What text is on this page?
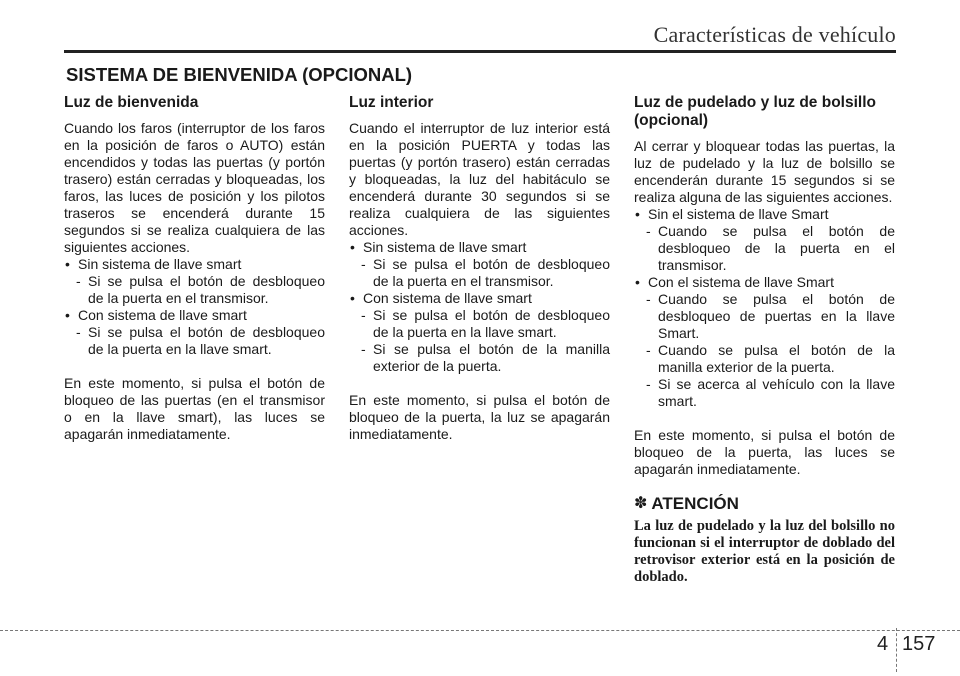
Características de vehículo
SISTEMA DE BIENVENIDA (OPCIONAL)
Luz de bienvenida

Cuando los faros (interruptor de los faros en la posición de faros o AUTO) están encendidos y todas las puertas (y portón trasero) están cerradas y bloqueadas, los faros, las luces de posición y los pilotos traseros se encenderá durante 15 segundos si se realiza cualquiera de las siguientes acciones.

• Sin sistema de llave smart

- Si se pulsa el botón de desbloqueo de la puerta en el transmisor.

• Con sistema de llave smart

- Si se pulsa el botón de desbloqueo de la puerta en la llave smart.

En este momento, si pulsa el botón de bloqueo de las puertas (en el transmisor o en la llave smart), las luces se apagarán inmediatamente.

Luz interior

Cuando el interruptor de luz interior está en la posición PUERTA y todas las puertas (y portón trasero) están cerradas y bloqueadas, la luz del habitáculo se encenderá durante 30 segundos si se realiza cualquiera de las siguientes acciones.

• Sin sistema de llave smart

- Si se pulsa el botón de desbloqueo de la puerta en el transmisor.

• Con sistema de llave smart

- Si se pulsa el botón de desbloqueo de la puerta en la llave smart.

- Si se pulsa el botón de la manilla exterior de la puerta.

En este momento, si pulsa el botón de bloqueo de la puerta, la luz se apagarán inmediatamente.

Luz de pudelado y luz de bolsillo (opcional)

Al cerrar y bloquear todas las puertas, la luz de pudelado y la luz de bolsillo se encenderán durante 15 segundos si se realiza alguna de las siguientes acciones.

• Sin el sistema de llave Smart

- Cuando se pulsa el botón de desbloqueo de la puerta en el transmisor.

• Con el sistema de llave Smart

- Cuando se pulsa el botón de desbloqueo de puertas en la llave Smart.

- Cuando se pulsa el botón de la manilla exterior de la puerta.

- Si se acerca al vehículo con la llave smart.

En este momento, si pulsa el botón de bloqueo de la puerta, las luces se apagarán inmediatamente.

✽ ATENCIÓN

La luz de pudelado y la luz del bolsillo no funcionan si el interruptor de doblado del retrovisor exterior está en la posición de doblado.

4 157
